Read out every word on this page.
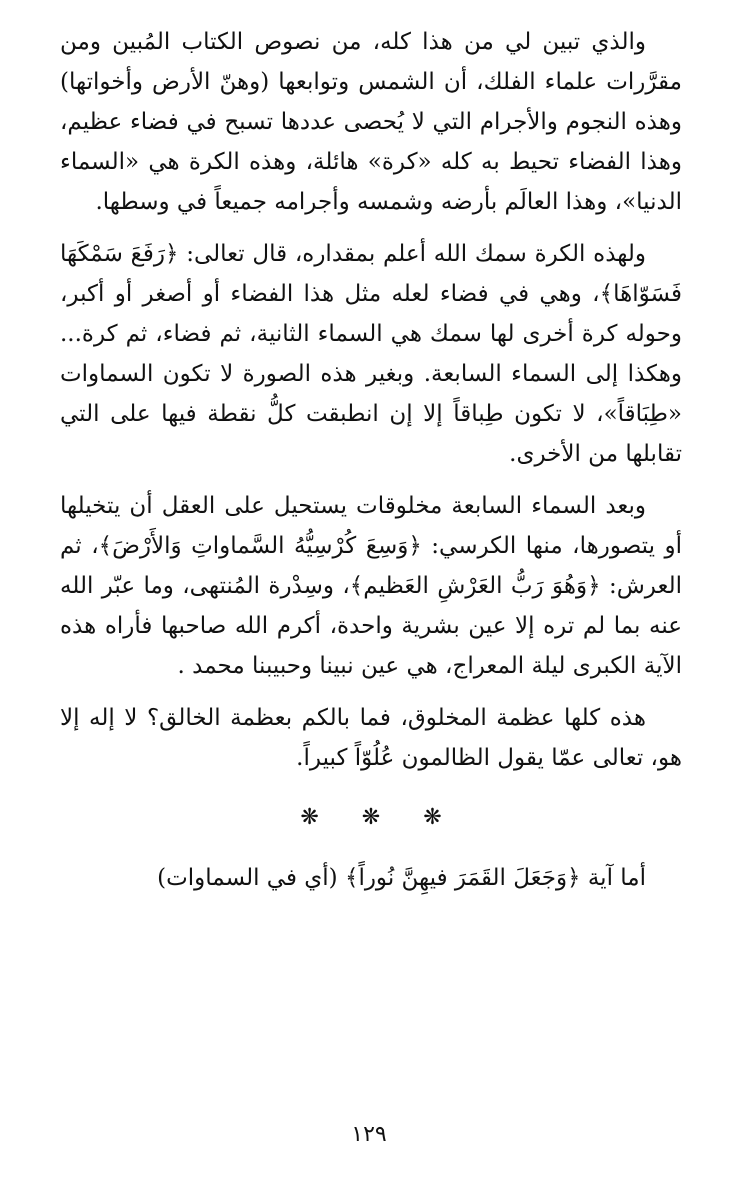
والذي تبين لي من هذا كله، من نصوص الكتاب المُبين ومن مقرَّرات علماء الفلك، أن الشمس وتوابعها (وهنّ الأرض وأخواتها) وهذه النجوم والأجرام التي لا يُحصى عددها تسبح في فضاء عظيم، وهذا الفضاء تحيط به كله «كرة» هائلة، وهذه الكرة هي «السماء الدنيا»، وهذا العالَم بأرضه وشمسه وأجرامه جميعاً في وسطها.

ولهذه الكرة سمك الله أعلم بمقداره، قال تعالى: ﴿رَفَعَ سَمْكَهَا فَسَوّاهَا﴾، وهي في فضاء لعله مثل هذا الفضاء أو أصغر أو أكبر، وحوله كرة أخرى لها سمك هي السماء الثانية، ثم فضاء، ثم كرة... وهكذا إلى السماء السابعة. وبغير هذه الصورة لا تكون السماوات «طِبَاقاً»، لا تكون طِباقاً إلا إن انطبقت كلُّ نقطة فيها على التي تقابلها من الأخرى.

وبعد السماء السابعة مخلوقات يستحيل على العقل أن يتخيلها أو يتصورها، منها الكرسي: ﴿وَسِعَ كُرْسِيُّهُ السَّماواتِ وَالأَرْضَ﴾، ثم العرش: ﴿وَهُوَ رَبُّ العَرْشِ العَظيم﴾، وسِدْرة المُنتهى، وما عبّر الله عنه بما لم تره إلا عين بشرية واحدة، أكرم الله صاحبها فأراه هذه الآية الكبرى ليلة المعراج، هي عين نبينا وحبيبنا محمد .

هذه كلها عظمة المخلوق، فما بالكم بعظمة الخالق؟ لا إله إلا هو، تعالى عمّا يقول الظالمون عُلُوّاً كبيراً.

❋ ❋ ❋

أما آية ﴿وَجَعَلَ القَمَرَ فيهِنَّ نُوراً﴾ (أي في السماوات)

١٢٩
